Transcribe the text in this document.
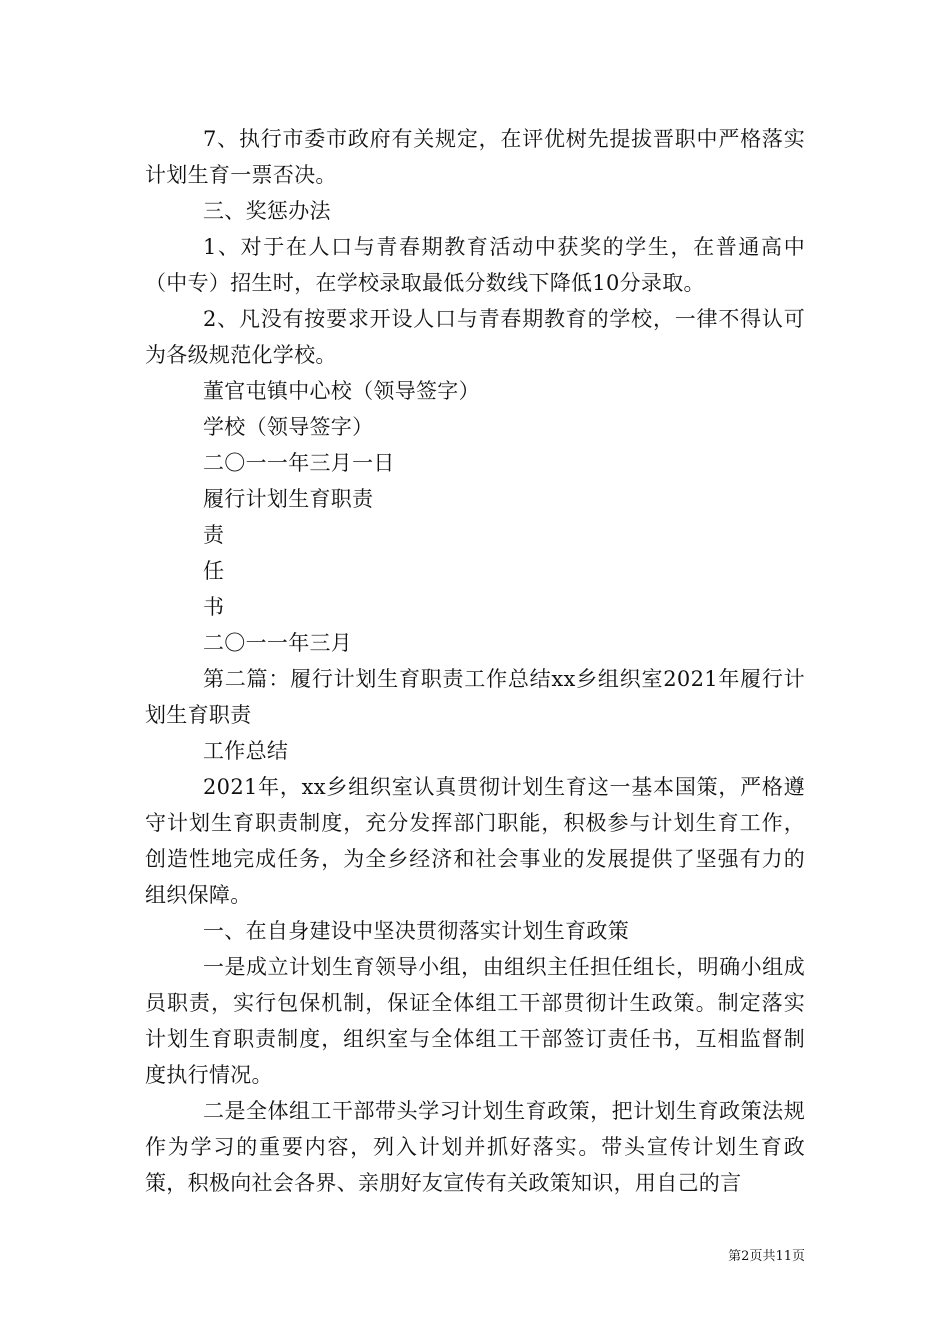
7、执行市委市政府有关规定，在评优树先提拔晋职中严格落实计划生育一票否决。

三、奖惩办法

1、对于在人口与青春期教育活动中获奖的学生，在普通高中（中专）招生时，在学校录取最低分数线下降低10分录取。

2、凡没有按要求开设人口与青春期教育的学校，一律不得认可为各级规范化学校。

董官屯镇中心校（领导签字）

学校（领导签字）

二〇一一年三月一日

履行计划生育职责

责

任

书

二〇一一年三月

第二篇：履行计划生育职责工作总结xx乡组织室2021年履行计划生育职责

工作总结

2021年，xx乡组织室认真贯彻计划生育这一基本国策，严格遵守计划生育职责制度，充分发挥部门职能，积极参与计划生育工作，创造性地完成任务，为全乡经济和社会事业的发展提供了坚强有力的组织保障。

一、在自身建设中坚决贯彻落实计划生育政策

一是成立计划生育领导小组，由组织主任担任组长，明确小组成员职责，实行包保机制，保证全体组工干部贯彻计生政策。制定落实计划生育职责制度，组织室与全体组工干部签订责任书，互相监督制度执行情况。

二是全体组工干部带头学习计划生育政策，把计划生育政策法规作为学习的重要内容，列入计划并抓好落实。带头宣传计划生育政策，积极向社会各界、亲朋好友宣传有关政策知识，用自己的言

第2页共11页
